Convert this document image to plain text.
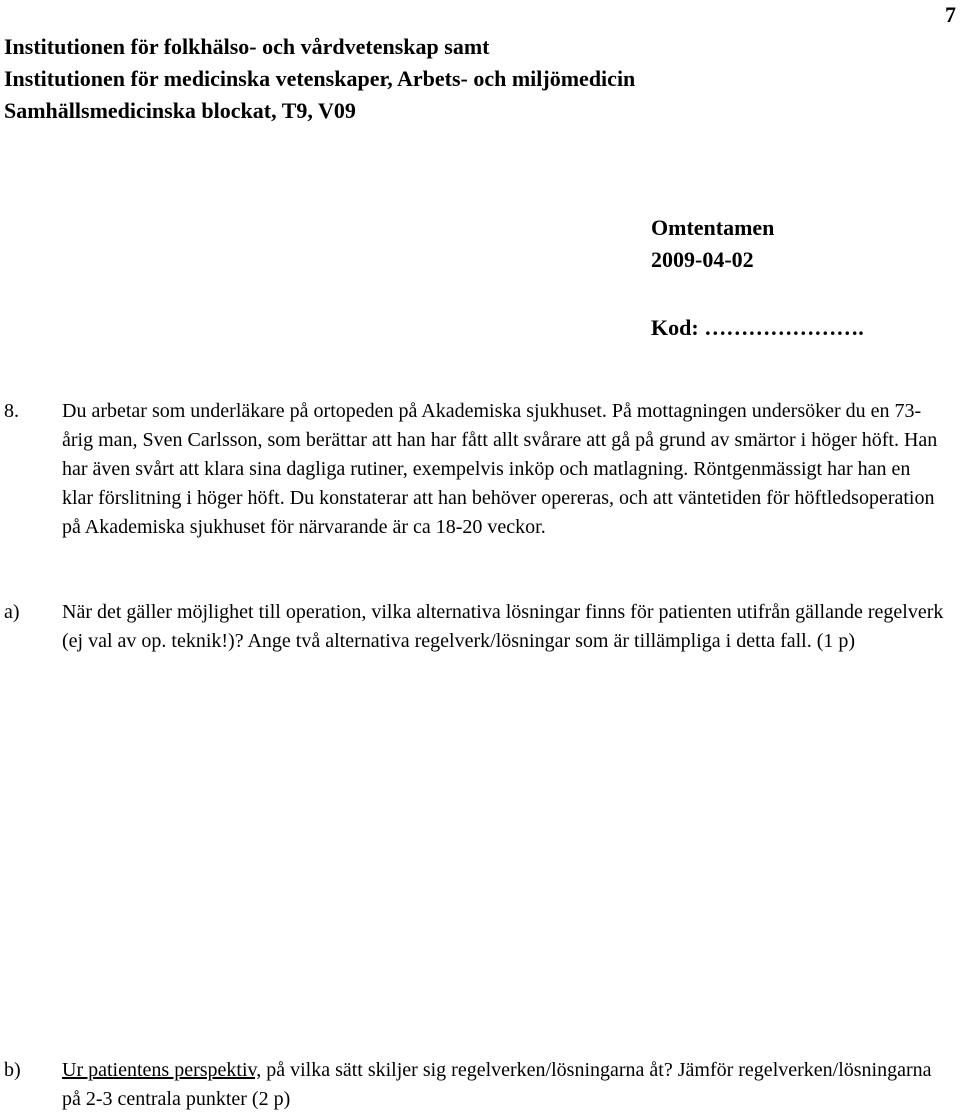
7
Institutionen för folkhälso- och vårdvetenskap samt
Institutionen för medicinska vetenskaper, Arbets- och miljömedicin
Samhällsmedicinska blockat, T9, V09
Omtentamen
2009-04-02
Kod: ………………….
8.	Du arbetar som underläkare på ortopeden på Akademiska sjukhuset. På mottagningen undersöker du en 73-årig man, Sven Carlsson, som berättar att han har fått allt svårare att gå på grund av smärtor i höger höft. Han har även svårt att klara sina dagliga rutiner, exempelvis inköp och matlagning. Röntgenmässigt har han en klar förslitning i höger höft. Du konstaterar att han behöver opereras, och att väntetiden för höftledsoperation på Akademiska sjukhuset för närvarande är ca 18-20 veckor.
a)	När det gäller möjlighet till operation, vilka alternativa lösningar finns för patienten utifrån gällande regelverk (ej val av op. teknik!)? Ange två alternativa regelverk/lösningar som är tillämpliga i detta fall. (1 p)
b)	Ur patientens perspektiv, på vilka sätt skiljer sig regelverken/lösningarna åt? Jämför regelverken/lösningarna på 2-3 centrala punkter (2 p)
